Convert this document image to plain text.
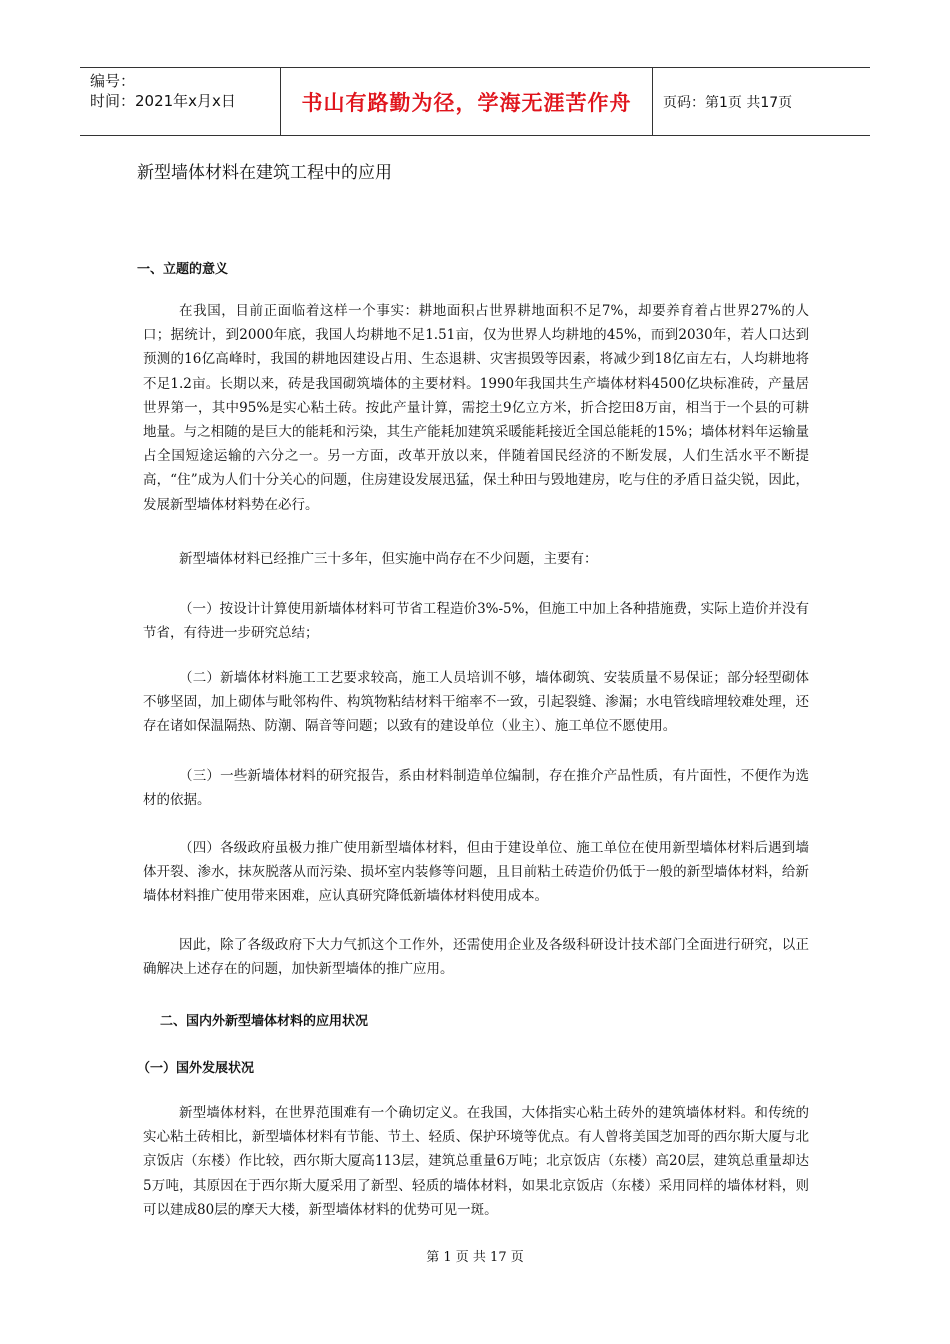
编号：
时间：2021年x月x日	书山有路勤为径，学海无涯苦作舟 页码：第1页 共17页
新型墙体材料在建筑工程中的应用
一、立题的意义

在我国，目前正面临着这样一个事实：耕地面积占世界耕地面积不足7%，却要养育着占世界27%的人口；据统计，到2000年底，我国人均耕地不足1.51亩，仅为世界人均耕地的45%，而到2030年，若人口达到预测的16亿高峰时，我国的耕地因建设占用、生态退耕、灾害损毁等因素，将减少到18亿亩左右，人均耕地将不足1.2亩。长期以来，砖是我国砌筑墙体的主要材料。1990年我国共生产墙体材料4500亿块标准砖，产量居世界第一，其中95%是实心粘土砖。按此产量计算，需挖土9亿立方米，折合挖田8万亩，相当于一个县的可耕地量。与之相随的是巨大的能耗和污染，其生产能耗加建筑采暖能耗接近全国总能耗的15%；墙体材料年运输量占全国短途运输的六分之一。另一方面，改革开放以来，伴随着国民经济的不断发展，人们生活水平不断提高，“住”成为人们十分关心的问题，住房建设发展迅猛，保土种田与毁地建房，吃与住的矛盾日益尖锐，因此，发展新型墙体材料势在必行。

新型墙体材料已经推广三十多年，但实施中尚存在不少问题，主要有：

（一）按设计计算使用新墙体材料可节省工程造价3%-5%，但施工中加上各种措施费，实际上造价并没有节省，有待进一步研究总结；

（二）新墙体材料施工工艺要求较高，施工人员培训不够，墙体砌筑、安装质量不易保证；部分轻型砌体不够坚固，加上砌体与毗邻构件、构筑物粘结材料干缩率不一致，引起裂缝、渗漏；水电管线暗埋较难处理，还存在诸如保温隔热、防潮、隔音等问题；以致有的建设单位（业主）、施工单位不愿使用。

（三）一些新墙体材料的研究报告，系由材料制造单位编制，存在推介产品性质，有片面性，不便作为选材的依据。

（四）各级政府虽极力推广使用新型墙体材料，但由于建设单位、施工单位在使用新型墙体材料后遇到墙体开裂、渗水，抹灰脱落从而污染、损坏室内装修等问题，且目前粘土砖造价仍低于一般的新型墙体材料，给新墙体材料推广使用带来困难，应认真研究降低新墙体材料使用成本。

因此，除了各级政府下大力气抓这个工作外，还需使用企业及各级科研设计技术部门全面进行研究，以正确解决上述存在的问题，加快新型墙体的推广应用。

二、国内外新型墙体材料的应用状况
（一）国外发展状况

新型墙体材料，在世界范围难有一个确切定义。在我国，大体指实心粘土砖外的建筑墙体材料。和传统的实心粘土砖相比，新型墙体材料有节能、节土、轻质、保护环境等优点。有人曾将美国芝加哥的西尔斯大厦与北京饭店（东楼）作比较，西尔斯大厦高113层，建筑总重量6万吨；北京饭店（东楼）高20层，建筑总重量却达5万吨，其原因在于西尔斯大厦采用了新型、轻质的墙体材料，如果北京饭店（东楼）采用同样的墙体材料，则可以建成80层的摩天大楼，新型墙体材料的优势可见一斑。

第 1 页 共 17 页
